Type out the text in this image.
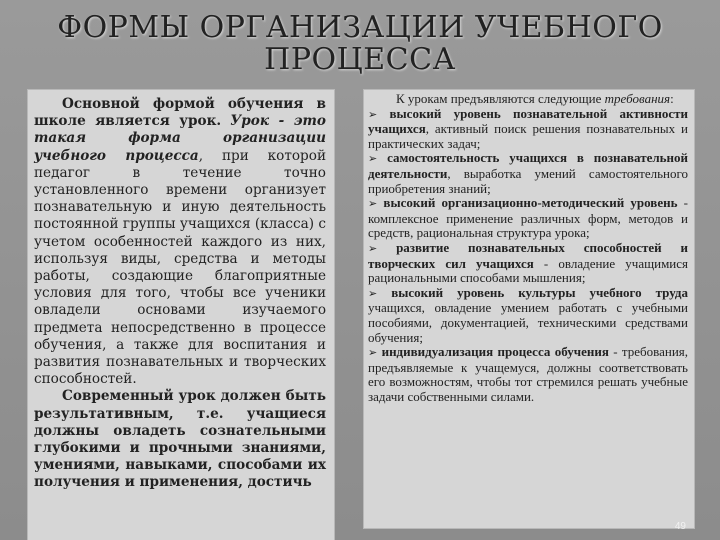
ФОРМЫ ОРГАНИЗАЦИИ УЧЕБНОГО ПРОЦЕССА
Основной формой обучения в школе является урок. Урок - это такая форма организации учебного процесса, при которой педагог в течение точно установленного времени организует познавательную и иную деятельность постоянной группы учащихся (класса) с учетом особенностей каждого из них, используя виды, средства и методы работы, создающие благоприятные условия для того, чтобы все ученики овладели основами изучаемого предмета непосредственно в процессе обучения, а также для воспитания и развития познавательных и творческих способностей.
Современный урок должен быть результативным, т.е. учащиеся должны овладеть сознательными глубокими и прочными знаниями, умениями, навыками, способами их получения и применения, достичь
К урокам предъявляются следующие требования:
➢ высокий уровень познавательной активности учащихся, активный поиск решения познавательных и практических задач;
➢ самостоятельность учащихся в познавательной деятельности, выработка умений самостоятельного приобретения знаний;
➢ высокий организационно-методический уровень - комплексное применение различных форм, методов и средств, рациональная структура урока;
➢ развитие познавательных способностей и творческих сил учащихся - овладение учащимися рациональными способами мышления;
➢ высокий уровень культуры учебного труда учащихся, овладение умением работать с учебными пособиями, документацией, техническими средствами обучения;
➢ индивидуализация процесса обучения - требования, предъявляемые к учащемуся, должны соответствовать его возможностям, чтобы тот стремился решать учебные задачи собственными силами.
49
